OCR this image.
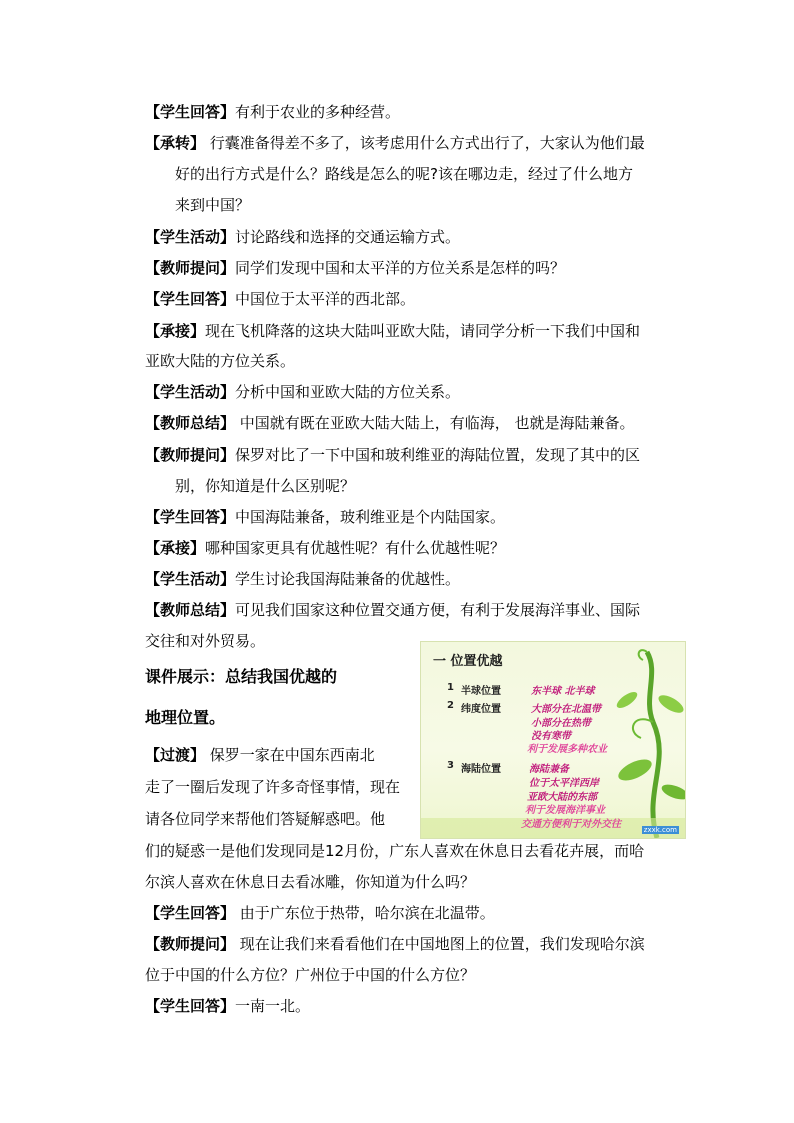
【学生回答】有利于农业的多种经营。
【承转】 行囊准备得差不多了，该考虑用什么方式出行了，大家认为他们最
好的出行方式是什么？路线是怎么的呢?该在哪边走，经过了什么地方
来到中国？
【学生活动】讨论路线和选择的交通运输方式。
【教师提问】同学们发现中国和太平洋的方位关系是怎样的吗？
【学生回答】中国位于太平洋的西北部。
【承接】现在飞机降落的这块大陆叫亚欧大陆，请同学分析一下我们中国和
亚欧大陆的方位关系。
【学生活动】分析中国和亚欧大陆的方位关系。
【教师总结】 中国就有既在亚欧大陆大陆上，有临海， 也就是海陆兼备。
【教师提问】保罗对比了一下中国和玻利维亚的海陆位置，发现了其中的区
别，你知道是什么区别呢？
【学生回答】中国海陆兼备，玻利维亚是个内陆国家。
【承接】哪种国家更具有优越性呢？有什么优越性呢？
【学生活动】学生讨论我国海陆兼备的优越性。
【教师总结】可见我们国家这种位置交通方便，有利于发展海洋事业、国际
交往和对外贸易。
课件展示：总结我国优越的
地理位置。
【过渡】 保罗一家在中国东西南北
走了一圈后发现了许多奇怪事情，现在
请各位同学来帮他们答疑解惑吧。他
们的疑惑一是他们发现同是12月份，广东人喜欢在休息日去看花卉展，而哈
尔滨人喜欢在休息日去看冰雕，你知道为什么吗？
【学生回答】 由于广东位于热带，哈尔滨在北温带。
【教师提问】 现在让我们来看看他们在中国地图上的位置，我们发现哈尔滨
位于中国的什么方位？广州位于中国的什么方位？
【学生回答】一南一北。
一 位置优越
1 半球位置	东半球 北半球
2 纬度位置	大部分在北温带
小部分在热带
没有寒带
利于发展多种农业
3 海陆位置	海陆兼备
位于太平洋西岸
亚欧大陆的东部
利于发展海洋事业
交通方便利于对外交往	zxxk.com
